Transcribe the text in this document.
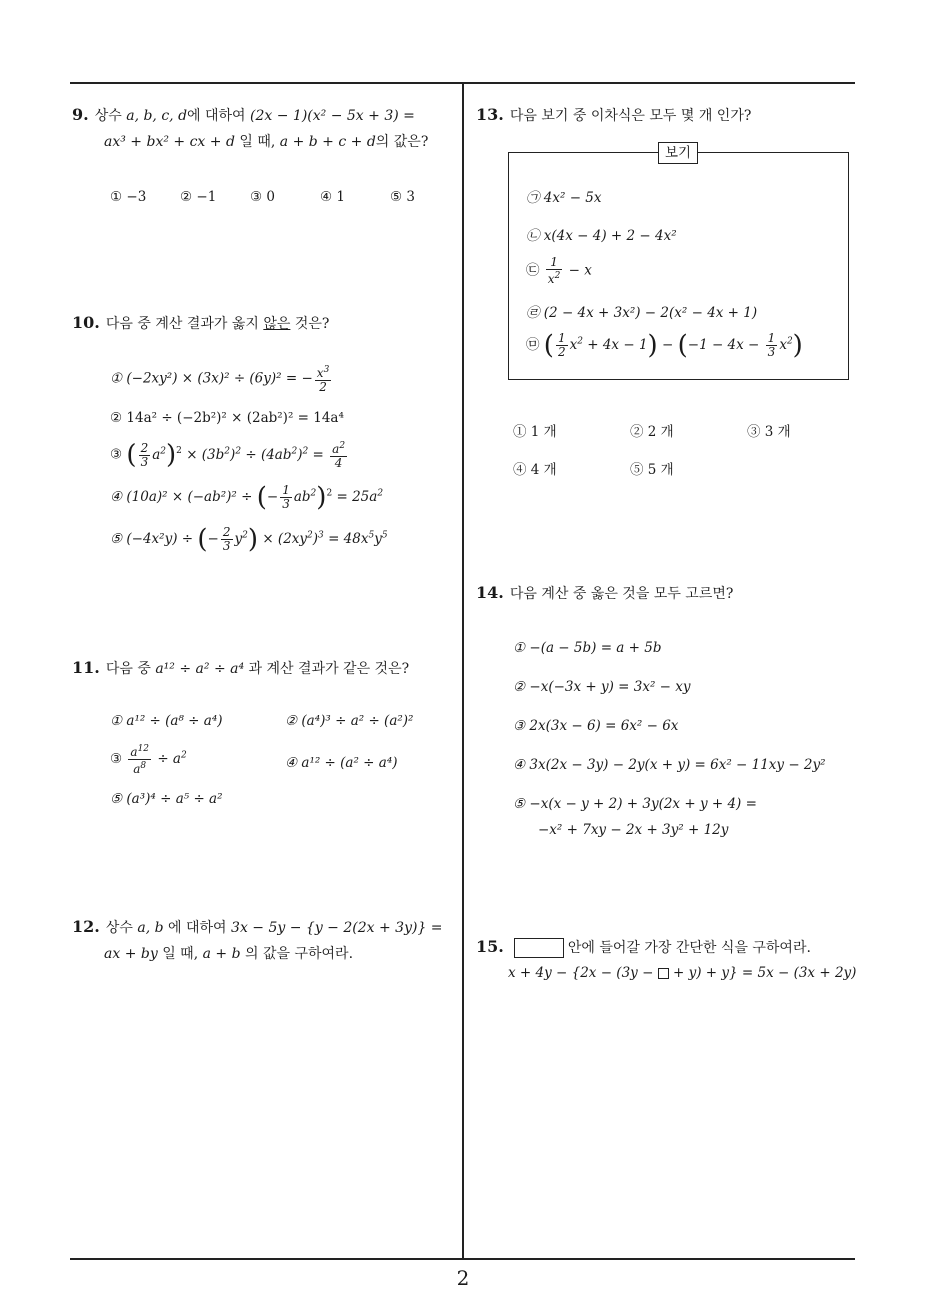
9. 상수 a, b, c, d에 대하여 (2x − 1)(x² − 5x + 3) =
ax³ + bx² + cx + d 일 때, a + b + c + d의 값은?
① −3 ② −1 ③ 0	④ 1	⑤ 3
10. 다음 중 계산 결과가 옳지 않은 것은?
① (−2xy²) × (3x)² ÷ (6y)² = − $\frac{x^3}{2}$
② 14a² ÷ (−2b²)² × (2ab²)² = 14a⁴
③ ( $\frac{2}{3} a^2)^2 \times (3b^2)^2 \div (4ab^2)^2 = \frac{a^2}{4}$
④ (10a)² × (−ab²)² ÷ (− $\frac{1}{3} ab^2)^2 = 25a^2$
⑤ (−4x²y) ÷ (− $\frac{2}{3} y^2) \times (2xy^2)^3 = 48x^5y^5$
11. 다음 중 a¹² ÷ a² ÷ a⁴ 과 계산 결과가 같은 것은?
① a¹² ÷ (a⁸ ÷ a⁴)	② (a⁴)³ ÷ a² ÷ (a²)²
③ $\frac{a^{12}}{a^8} \div a^2$	④ a¹² ÷ (a² ÷ a⁴)
⑤ (a³)⁴ ÷ a⁵ ÷ a²
12. 상수 a, b 에 대하여 3x − 5y − {y − 2(2x + 3y)} =
ax + by 일 때, a + b 의 값을 구하여라.
13. 다음 보기 중 이차식은 모두 몇 개 인가?
보기
㉠ 4x² − 5x
㉡ x(4x − 4) + 2 − 4x²
㉢ $\frac{1}{x^2} - x$
㉣ (2 − 4x + 3x²) − 2(x² − 4x + 1)
㉤ ( $\frac{1}{2} x^2 + 4x - 1) - (-1 - 4x - \frac{1}{3} x^2)$
① 1 개	② 2 개	③ 3 개
④ 4 개	⑤ 5 개
14. 다음 계산 중 옳은 것을 모두 고르면?
① −(a − 5b) = a + 5b
② −x(−3x + y) = 3x² − xy
③ 2x(3x − 6) = 6x² − 6x
④ 3x(2x − 3y) − 2y(x + y) = 6x² − 11xy − 2y²
⑤ −x(x − y + 2) + 3y(2x + y + 4) =
−x² + 7xy − 2x + 3y² + 12y
15.	안에 들어갈 가장 간단한 식을 구하여라.
x + 4y − {2x − (3y − + y) + y} = 5x − (3x + 2y)
2
